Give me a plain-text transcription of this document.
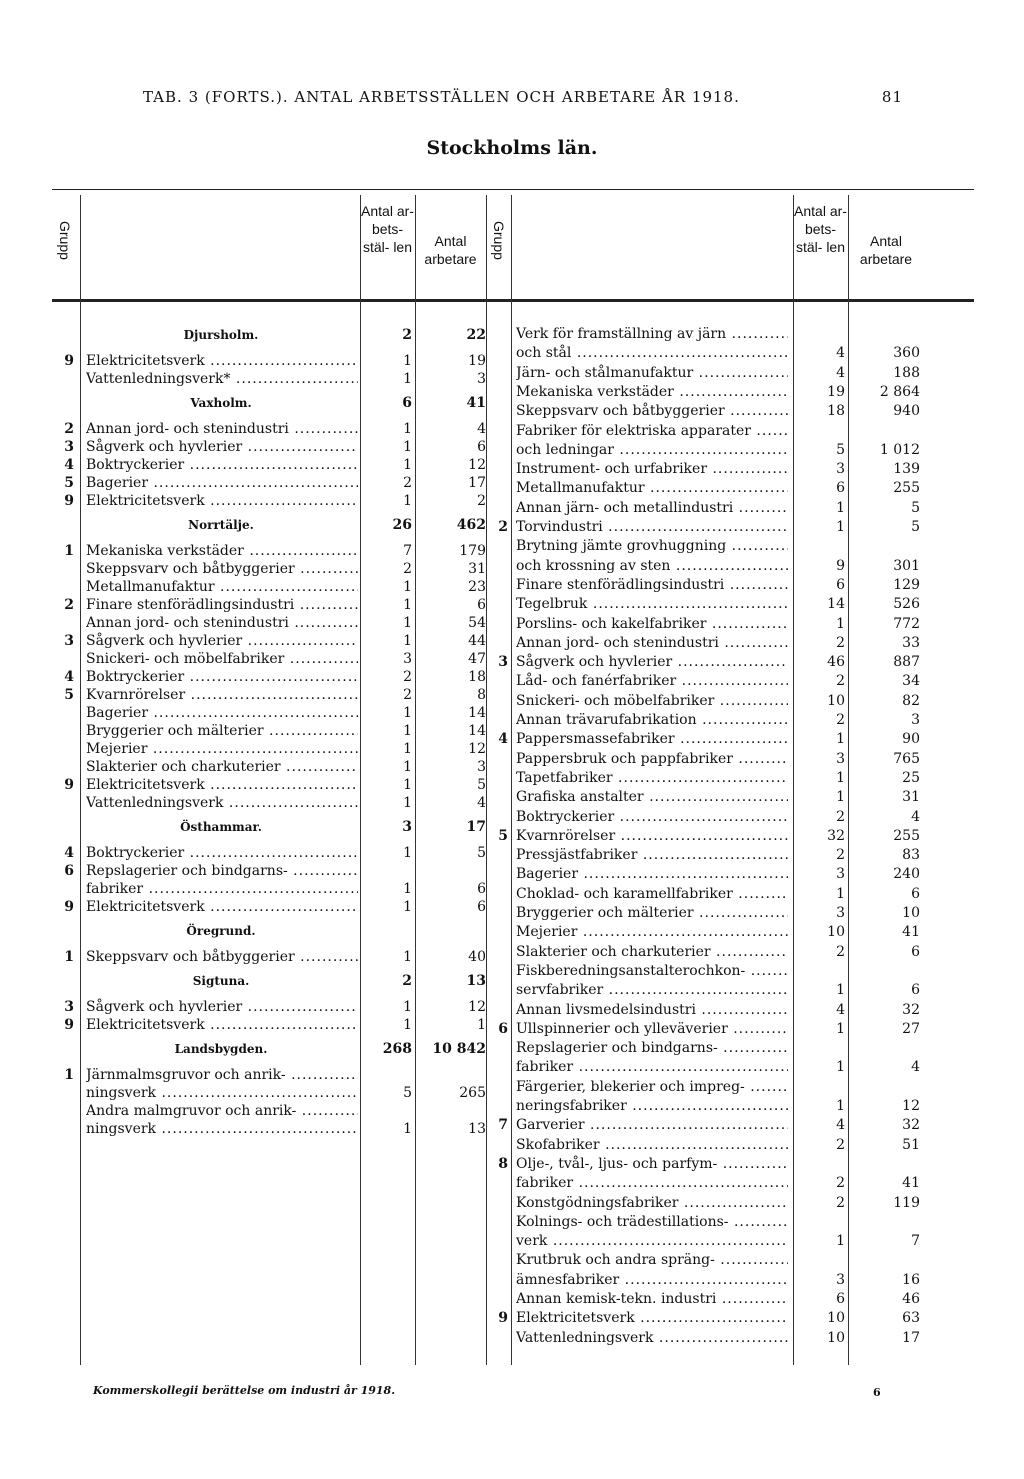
TAB. 3 (FORTS.). ANTAL ARBETSSTÄLLEN OCH ARBETARE ÅR 1918.	81
Stockholms län.
Grupp	Grupp
Antal ar- bets- stäl- len	Antal arbetare
Antal ar- bets- stäl- len	Antal arbetare
Djursholm.	2	22
9 Elektricitetsverk .....	1	19
Vattenledningsverk* .....	1	3
Vaxholm.	6	41
2 Annan jord- och stenindustri .....	1	4
3 Sågverk och hyvlerier .....	1	6
4 Boktryckerier .....	1	12
5 Bagerier .....	2	17
9 Elektricitetsverk .....	1	2
Norrtälje.	26	462
1 Mekaniska verkstäder .....	7	179
Skeppsvarv och båtbyggerier .....	2	31
Metallmanufaktur .....	1	23
2 Finare stenförädlingsindustri .....	1	6
Annan jord- och stenindustri .....	1	54
3 Sågverk och hyvlerier .....	1	44
Snickeri- och möbelfabriker .....	3	47
4 Boktryckerier .....	2	18
5 Kvarnrörelser .....	2	8
Bagerier .....	1	14
Bryggerier och mälterier .....	1	14
Mejerier .....	1	12
Slakterier och charkuterier .....	1	3
9 Elektricitetsverk .....	1	5
Vattenledningsverk .....	1	4
Östhammar.	3	17
4 Boktryckerier .....	1	5
6 Repslagerier och bindgarns- .....
fabriker .....	1	6
9 Elektricitetsverk .....	1	6
Öregrund.
1 Skeppsvarv och båtbyggerier .....	1	40
Sigtuna.	2	13
3 Sågverk och hyvlerier .....	1	12
9 Elektricitetsverk .....	1	1
Landsbygden.	268	10 842
1 Järnmalmsgruvor och anrik- .....
ningsverk .....	5	265
Andra malmgruvor och anrik- .....
ningsverk .....	1	13
Verk för framställning av järn .....
och stål .....	4	360
Järn- och stålmanufaktur .....	4	188
Mekaniska verkstäder .....	19	2 864
Skeppsvarv och båtbyggerier .....	18	940
Fabriker för elektriska apparater .....
och ledningar .....	5	1 012
Instrument- och urfabriker .....	3	139
Metallmanufaktur .....	6	255
Annan järn- och metallindustri .....	1	5
2 Torvindustri .....	1	5
Brytning jämte grovhuggning .....
och krossning av sten .....	9	301
Finare stenförädlingsindustri .....	6	129
Tegelbruk .....	14	526
Porslins- och kakelfabriker .....	1	772
Annan jord- och stenindustri .....	2	33
3 Sågverk och hyvlerier .....	46	887
Låd- och fanérfabriker .....	2	34
Snickeri- och möbelfabriker .....	10	82
Annan trävarufabrikation .....	2	3
4 Pappersmassefabriker .....	1	90
Pappersbruk och pappfabriker .....	3	765
Tapetfabriker .....	1	25
Grafiska anstalter .....	1	31
Boktryckerier .....	2	4
5 Kvarnrörelser .....	32	255
Pressjästfabriker .....	2	83
Bagerier .....	3	240
Choklad- och karamellfabriker .....	1	6
Bryggerier och mälterier .....	3	10
Mejerier .....	10	41
Slakterier och charkuterier .....	2	6
Fiskberedningsanstalterochkon- .....
servfabriker .....	1	6
Annan livsmedelsindustri .....	4	32
6 Ullspinnerier och ylleväverier .....	1	27
Repslagerier och bindgarns- .....
fabriker .....	1	4
Färgerier, blekerier och impreg- .....
neringsfabriker .....	1	12
7 Garverier .....	4	32
Skofabriker .....	2	51
8 Olje-, tvål-, ljus- och parfym- .....
fabriker .....	2	41
Konstgödningsfabriker .....	2	119
Kolnings- och trädestillations- .....
verk .....	1	7
Krutbruk och andra spräng- .....
ämnesfabriker .....	3	16
Annan kemisk-tekn. industri .....	6	46
9 Elektricitetsverk .....	10	63
Vattenledningsverk .....	10	17
Kommerskollegii berättelse om industri år 1918.	6
